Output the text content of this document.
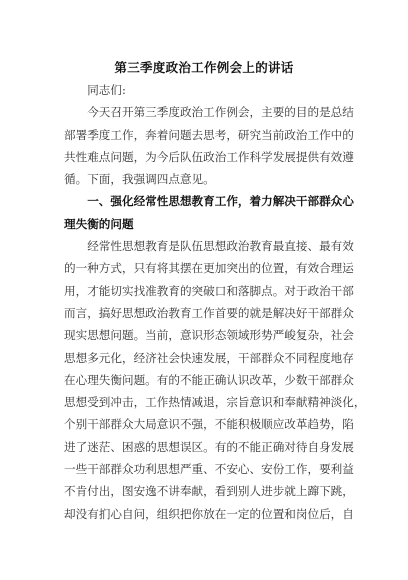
第三季度政治工作例会上的讲话
　　同志们:
　　今天召开第三季度政治工作例会，主要的目的是总结
部署季度工作，奔着问题去思考，研究当前政治工作中的
共性难点问题，为今后队伍政治工作科学发展提供有效遵
循。下面，我强调四点意见。
　　一、强化经常性思想教育工作，着力解决干部群众心
理失衡的问题
　　经常性思想教育是队伍思想政治教育最直接、最有效
的一种方式，只有将其摆在更加突出的位置，有效合理运
用，才能切实找准教育的突破口和落脚点。对于政治干部
而言，搞好思想政治教育工作首要的就是解决好干部群众
现实思想问题。当前，意识形态领域形势严峻复杂，社会
思想多元化，经济社会快速发展，干部群众不同程度地存
在心理失衡问题。有的不能正确认识改革，少数干部群众
思想受到冲击，工作热情减退，宗旨意识和奉献精神淡化，
个别干部群众大局意识不强，不能积极顺应改革趋势，陷
进了迷茫、困惑的思想误区。有的不能正确对待自身发展
一些干部群众功利思想严重、不安心、安份工作，要利益
不肯付出，图安逸不讲奉献，看到别人进步就上蹿下跳，
却没有扪心自问，组织把你放在一定的位置和岗位后，自
